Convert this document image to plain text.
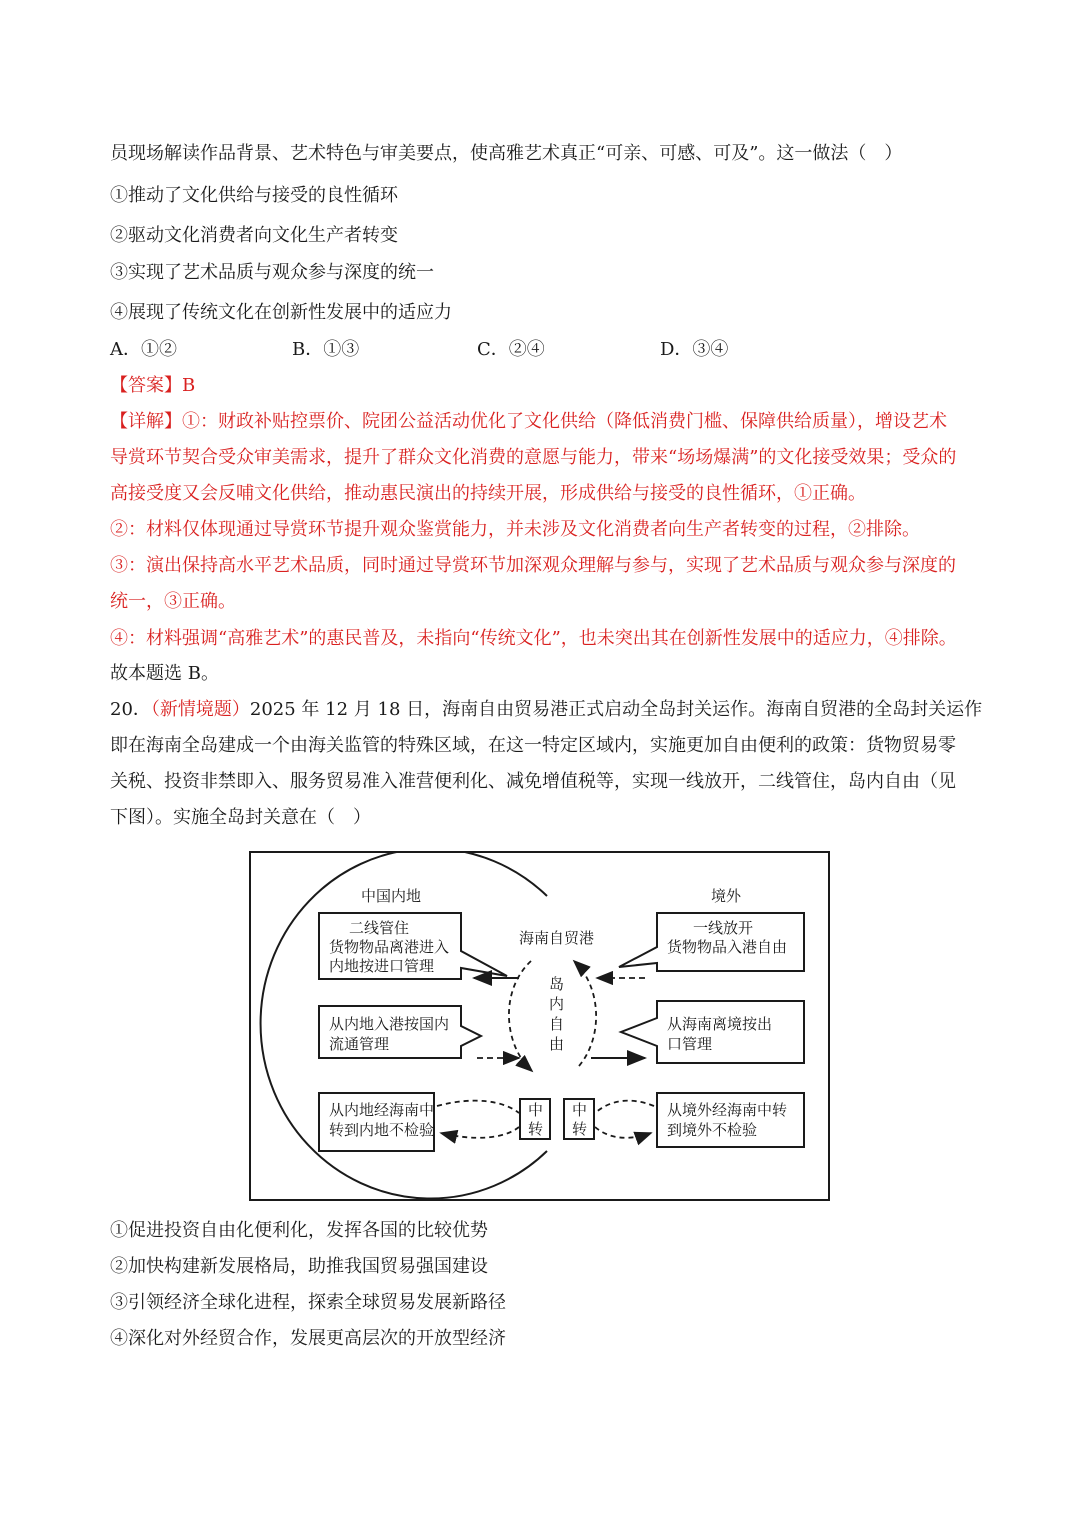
员现场解读作品背景、艺术特色与审美要点，使高雅艺术真正“可亲、可感、可及”。这一做法（　）
①推动了文化供给与接受的良性循环
②驱动文化消费者向文化生产者转变
③实现了艺术品质与观众参与深度的统一
④展现了传统文化在创新性发展中的适应力
A．①②	B．①③	C．②④	D．③④
【答案】B
【详解】①：财政补贴控票价、院团公益活动优化了文化供给（降低消费门槛、保障供给质量），增设艺术
导赏环节契合受众审美需求，提升了群众文化消费的意愿与能力，带来“场场爆满”的文化接受效果；受众的
高接受度又会反哺文化供给，推动惠民演出的持续开展，形成供给与接受的良性循环，①正确。
②：材料仅体现通过导赏环节提升观众鉴赏能力，并未涉及文化消费者向生产者转变的过程，②排除。
③：演出保持高水平艺术品质，同时通过导赏环节加深观众理解与参与，实现了艺术品质与观众参与深度的
统一，③正确。
④：材料强调“高雅艺术”的惠民普及，未指向“传统文化”，也未突出其在创新性发展中的适应力，④排除。
故本题选 B。
20．（新情境题）2025 年 12 月 18 日，海南自由贸易港正式启动全岛封关运作。海南自贸港的全岛封关运作
即在海南全岛建成一个由海关监管的特殊区域，在这一特定区域内，实施更加自由便利的政策：货物贸易零
关税、投资非禁即入、服务贸易准入准营便利化、减免增值税等，实现一线放开，二线管住，岛内自由（见
下图）。实施全岛封关意在（　）
中国内地	境外
海南自贸港
二线管住
货物物品离港进入
内地按进口管理
从内地入港按国内
流通管理
从内地经海南中
转到内地不检验
一线放开
货物物品入港自由
从海南离境按出
口管理
从境外经海南中转
到境外不检验
岛
内
自
由
中
转
中
转
①促进投资自由化便利化，发挥各国的比较优势
②加快构建新发展格局，助推我国贸易强国建设
③引领经济全球化进程，探索全球贸易发展新路径
④深化对外经贸合作，发展更高层次的开放型经济
